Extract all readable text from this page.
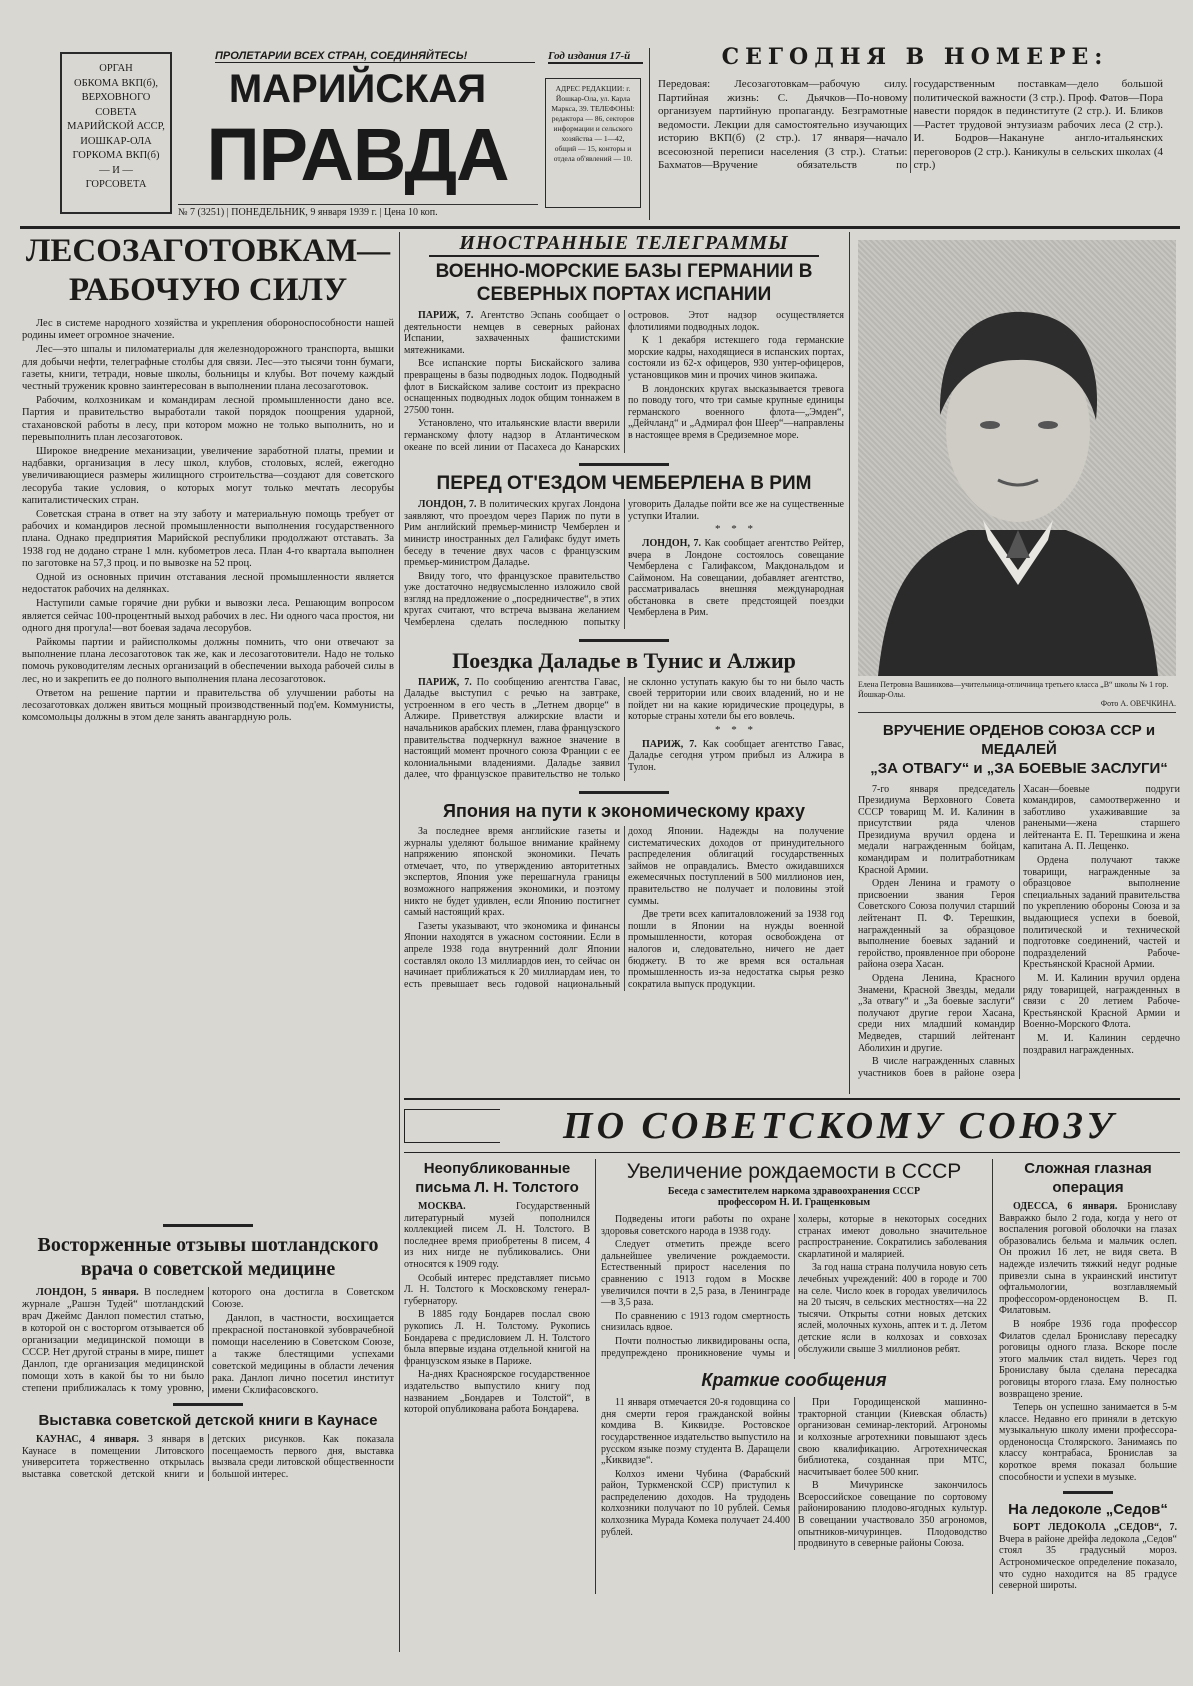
ОРГАН
ОБКОМА ВКП(б),
ВЕРХОВНОГО
СОВЕТА
МАРИЙСКОЙ АССР,
ИОШКАР-ОЛА
ГОРКОМА ВКП(б)
— И —
ГОРСОВЕТА
ПРОЛЕТАРИИ ВСЕХ СТРАН, СОЕДИНЯЙТЕСЬ!
МАРИЙСКАЯ
ПРАВДА
№ 7 (3251) | ПОНЕДЕЛЬНИК, 9 января 1939 г. | Цена 10 коп.
Год издания 17-й
АДРЕС РЕДАКЦИИ: г. Йошкар-Ола, ул. Карла Маркса, 39. ТЕЛЕФОНЫ: редактора — 86, секторов информации и сельского хозяйства — 1—42, общий — 15, конторы и отдела об'явлений — 10.
СЕГОДНЯ В НОМЕРЕ:
Передовая: Лесозаготовкам—рабочую силу. Партийная жизнь: С. Дьячков—По-новому организуем партийную пропаганду. Безграмотные ведомости. Лекции для самостоятельно изучающих историю ВКП(б) (2 стр.). 17 января—начало всесоюзной переписи населения (3 стр.). Статьи: Бахматов—Вручение обязательств по государственным поставкам—дело большой политической важности (3 стр.). Проф. Фатов—Пора навести порядок в пединституте (2 стр.). И. Бликов—Растет трудовой энтузиазм рабочих леса (2 стр.). И. Бодров—Накануне англо-итальянских переговоров (2 стр.). Каникулы в сельских школах (4 стр.)
ЛЕСОЗАГОТОВКАМ—
РАБОЧУЮ СИЛУ

Лес в системе народного хозяйства и укрепления обороноспособности нашей родины имеет огромное значение.

Лес—это шпалы и пиломатериалы для железнодорожного транспорта, вышки для добычи нефти, телеграфные столбы для связи. Лес—это тысячи тонн бумаги, газеты, книги, тетради, новые школы, больницы и клубы. Вот почему каждый честный труженик кровно заинтересован в выполнении плана лесозаготовок.

Рабочим, колхозникам и командирам лесной промышленности дано все. Партия и правительство выработали такой порядок поощрения ударной, стахановской работы в лесу, при котором можно не только выполнить, но и перевыполнить план лесозаготовок.

Широкое внедрение механизации, увеличение заработной платы, премии и надбавки, организация в лесу школ, клубов, столовых, яслей, ежегодно увеличивающиеся размеры жилищного строительства—создают для советского лесоруба такие условия, о которых могут только мечтать лесорубы капиталистических стран.

Советская страна в ответ на эту заботу и материальную помощь требует от рабочих и командиров лесной промышленности выполнения государственного плана. Однако предприятия Марийской республики продолжают отставать. За 1938 год не додано стране 1 млн. кубометров леса. План 4-го квартала выполнен по заготовке на 57,3 проц. и по вывозке на 52 проц.

Одной из основных причин отставания лесной промышленности является недостаток рабочих на делянках.

Наступили самые горячие дни рубки и вывозки леса. Решающим вопросом является сейчас 100-процентный выход рабочих в лес. Ни одного часа простоя, ни одного дня прогула!—вот боевая задача лесорубов.

Райкомы партии и райисполкомы должны помнить, что они отвечают за выполнение плана лесозаготовок так же, как и лесозаготовители. Надо не только помочь руководителям лесных организаций в обеспечении выхода рабочей силы в лес, но и закрепить ее до полного выполнения плана лесозаготовок.

Ответом на решение партии и правительства об улучшении работы на лесозаготовках должен явиться мощный производственный под'ем. Коммунисты, комсомольцы должны в этом деле занять авангардную роль.

Восторженные отзывы шотландского врача о советской медицине

ЛОНДОН, 5 января. В последнем журнале „Рашэн Тудей“ шотландский врач Джеймс Данлоп поместил статью, в которой он с восторгом отзывается об организации медицинской помощи в СССР. Нет другой страны в мире, пишет Данлоп, где организация медицинской помощи хоть в какой бы то ни было степени приближалась к тому уровню, которого она достигла в Советском Союзе.

Данлоп, в частности, восхищается прекрасной постановкой зубоврачебной помощи населению в Советском Союзе, а также блестящими успехами советской медицины в области лечения рака. Данлоп лично посетил институт имени Склифасовского.

Выставка советской детской книги в Каунасе

КАУНАС, 4 января. 3 января в Каунасе в помещении Литовского университета торжественно открылась выставка советской детской книги и детских рисунков. Как показала посещаемость первого дня, выставка вызвала среди литовской общественности большой интерес.

ИНОСТРАННЫЕ ТЕЛЕГРАММЫ
ВОЕННО-МОРСКИЕ БАЗЫ ГЕРМАНИИ В СЕВЕРНЫХ ПОРТАХ ИСПАНИИ

ПАРИЖ, 7. Агентство Эспань сообщает о деятельности немцев в северных районах Испании, захваченных фашистскими мятежниками.

Все испанские порты Бискайского залива превращены в базы подводных лодок. Подводный флот в Бискайском заливе состоит из прекрасно оснащенных подводных лодок общим тоннажем в 27500 тонн.

Установлено, что итальянские власти вверили германскому флоту надзор в Атлантическом океане по всей линии от Пасахеса до Канарских островов. Этот надзор осуществляется флотилиями подводных лодок.

К 1 декабря истекшего года германские морские кадры, находящиеся в испанских портах, состояли из 62-х офицеров, 930 унтер-офицеров, установщиков мин и прочих чинов экипажа.

В лондонских кругах высказывается тревога по поводу того, что три самые крупные единицы германского военного флота—„Эмден“, „Дейчланд“ и „Адмирал фон Шеер“—направлены в настоящее время в Средиземное море.

ПЕРЕД ОТ'ЕЗДОМ ЧЕМБЕРЛЕНА В РИМ

ЛОНДОН, 7. В политических кругах Лондона заявляют, что проездом через Париж по пути в Рим английский премьер-министр Чемберлен и министр иностранных дел Галифакс будут иметь беседу в течение двух часов с французским премьер-министром Даладье.

Ввиду того, что французское правительство уже достаточно недвусмысленно изложило свой взгляд на предложение о „посредничестве“, в этих кругах считают, что встреча вызвана желанием Чемберлена сделать последнюю попытку уговорить Даладье пойти все же на существенные уступки Италии.

* * *

ЛОНДОН, 7. Как сообщает агентство Рейтер, вчера в Лондоне состоялось совещание Чемберлена с Галифаксом, Макдональдом и Саймоном. На совещании, добавляет агентство, рассматривалась внешняя международная обстановка в свете предстоящей поездки Чемберлена в Рим.

Поездка Даладье в Тунис и Алжир

ПАРИЖ, 7. По сообщению агентства Гавас, Даладье выступил с речью на завтраке, устроенном в его честь в „Летнем дворце“ в Алжире. Приветствуя алжирские власти и начальников арабских племен, глава французского правительства подчеркнул важное значение в настоящий момент прочного союза Франции с ее колониальными владениями. Даладье заявил далее, что французское правительство не только не склонно уступать какую бы то ни было часть своей территории или своих владений, но и не пойдет ни на какие юридические процедуры, в которые страны хотели бы его вовлечь.

* * *

ПАРИЖ, 7. Как сообщает агентство Гавас, Даладье сегодня утром прибыл из Алжира в Тулон.

Япония на пути к экономическому краху

За последнее время английские газеты и журналы уделяют большое внимание крайнему напряжению японской экономики. Печать отмечает, что, по утверждению авторитетных экспертов, Япония уже перешагнула границы возможного напряжения экономики, и поэтому никто не будет удивлен, если Японию постигнет самый настоящий крах.

Газеты указывают, что экономика и финансы Японии находятся в ужасном состоянии. Если в апреле 1938 года внутренний долг Японии составлял около 13 миллиардов иен, то сейчас он начинает приближаться к 20 миллиардам иен, то есть превышает весь годовой национальный доход Японии. Надежды на получение систематических доходов от принудительного распределения облигаций государственных займов не оправдались. Вместо ожидавшихся ежемесячных поступлений в 500 миллионов иен, правительство не получает и половины этой суммы.

Две трети всех капиталовложений за 1938 год пошли в Японии на нужды военной промышленности, которая освобождена от налогов и, следовательно, ничего не дает бюджету. В то же время вся остальная промышленность из-за недостатка сырья резко сократила выпуск продукции.

Елена Петровна Вашинкова—учительница-отличница третьего класса „В“ школы № 1 гор. Йошкар-Олы.
Фото А. ОВЕЧКИНА.
ВРУЧЕНИЕ ОРДЕНОВ СОЮЗА ССР и МЕДАЛЕЙ
„ЗА ОТВАГУ“ и „ЗА БОЕВЫЕ ЗАСЛУГИ“

7-го января председатель Президиума Верховного Совета СССР товарищ М. И. Калинин в присутствии ряда членов Президиума вручил ордена и медали награжденным бойцам, командирам и политработникам Красной Армии.

Орден Ленина и грамоту о присвоении звания Героя Советского Союза получил старший лейтенант П. Ф. Терешкин, награжденный за образцовое выполнение боевых заданий и геройство, проявленное при обороне района озера Хасан.

Ордена Ленина, Красного Знамени, Красной Звезды, медали „За отвагу“ и „За боевые заслуги“ получают другие герои Хасана, среди них младший командир Медведев, старший лейтенант Аболихин и другие.

В числе награжденных славных участников боев в районе озера Хасан—боевые подруги командиров, самоотверженно и заботливо ухаживавшие за ранеными—жена старшего лейтенанта Е. П. Терешкина и жена капитана А. П. Лещенко.

Ордена получают также товарищи, награжденные за образцовое выполнение специальных заданий правительства по укреплению обороны Союза и за выдающиеся успехи в боевой, политической и технической подготовке соединений, частей и подразделений Рабоче-Крестьянской Красной Армии.

М. И. Калинин вручил ордена ряду товарищей, награжденных в связи с 20 летием Рабоче-Крестьянской Красной Армии и Военно-Морского Флота.

М. И. Калинин сердечно поздравил награжденных.

ПО СОВЕТСКОМУ СОЮЗУ
Неопубликованные письма Л. Н. Толстого

МОСКВА.	Государственный литературный музей пополнился коллекцией писем Л. Н. Толстого. В последнее время приобретены 8 писем, 4 из них нигде не публиковались. Они относятся к 1909 году.

Особый интерес представляет письмо Л. Н. Толстого к Московскому генерал-губернатору.

В 1885 году Бондарев послал свою рукопись Л. Н. Толстому. Рукопись Бондарева с предисловием Л. Н. Толстого была впервые издана отдельной книгой на французском языке в Париже.

На-днях Красноярское государственное издательство выпустило книгу под названием „Бондарев и Толстой“, в которой опубликована работа Бондарева.

Увеличение рождаемости в СССР
Беседа с заместителем наркома здравоохранения СССР профессором Н. И. Гращенковым

Подведены итоги работы по охране здоровья советского народа в 1938 году.

Следует отметить прежде всего дальнейшее увеличение рождаемости. Естественный прирост населения по сравнению с 1913 годом в Москве увеличился почти в 2,5 раза, в Ленинграде—в 3,5 раза.

По сравнению с 1913 годом смертность снизилась вдвое.

Почти полностью ликвидированы оспа, предупреждено проникновение чумы и холеры, которые в некоторых соседних странах имеют довольно значительное распространение. Сократились заболевания скарлатиной и малярией.

За год наша страна получила новую сеть лечебных учреждений: 400 в городе и 700 на селе. Число коек в городах увеличилось на 20 тысяч, в сельских местностях—на 22 тысячи. Открыты сотни новых детских яслей, молочных кухонь, аптек и т. д. Летом детские ясли в колхозах и совхозах обслужили свыше 3 миллионов ребят.

Краткие сообщения

11 января отмечается 20-я годовщина со дня смерти героя гражданской войны комдива В. Киквидзе. Ростовское государственное издательство выпустило на русском языке поэму студента В. Даращели „Киквидзе“.

Колхоз имени Чубина (Фарабский район, Туркменской ССР) приступил к распределению доходов. На трудодень колхозники получают по 10 рублей. Семья колхозника Мурада Комека получает 24.400 рублей.

При Городищенской машинно-тракторной станции (Киевская область) организован семинар-лекторий. Агрономы и колхозные агротехники повышают здесь свою квалификацию. Агротехническая библиотека, созданная при МТС, насчитывает более 500 книг.

В Мичуринске закончилось Всероссийское совещание по сортовому районированию плодово-ягодных культур. В совещании участвовало 350 агрономов, опытников-мичуринцев. Плодоводство продвинуто в северные районы Союза.

Сложная глазная операция

ОДЕССА, 6 января. Брониславу Вавражко было 2 года, когда у него от воспаления роговой оболочки на глазах образовались бельма и мальчик ослеп. Он прожил 16 лет, не видя света. В надежде излечить тяжкий недуг родные привезли сына в украинский институт офтальмологии, возглавляемый профессором-орденоносцем В. П. Филатовым.

В ноябре 1936 года профессор Филатов сделал Брониславу пересадку роговицы одного глаза. Вскоре после этого мальчик стал видеть. Через год Брониславу была сделана пересадка роговицы второго глаза. Ему полностью возвращено зрение.

Теперь он успешно занимается в 5-м классе. Недавно его приняли в детскую музыкальную школу имени профессора-орденоносца Столярского. Занимаясь по классу контрабаса, Бронислав за короткое время показал большие способности и успехи в музыке.

На ледоколе „Седов“

БОРТ ЛЕДОКОЛА „СЕДОВ“, 7. Вчера в районе дрейфа ледокола „Седов“ стоял 35 градусный мороз. Астрономическое определение показало, что судно находится на 85 градусе северной широты.
